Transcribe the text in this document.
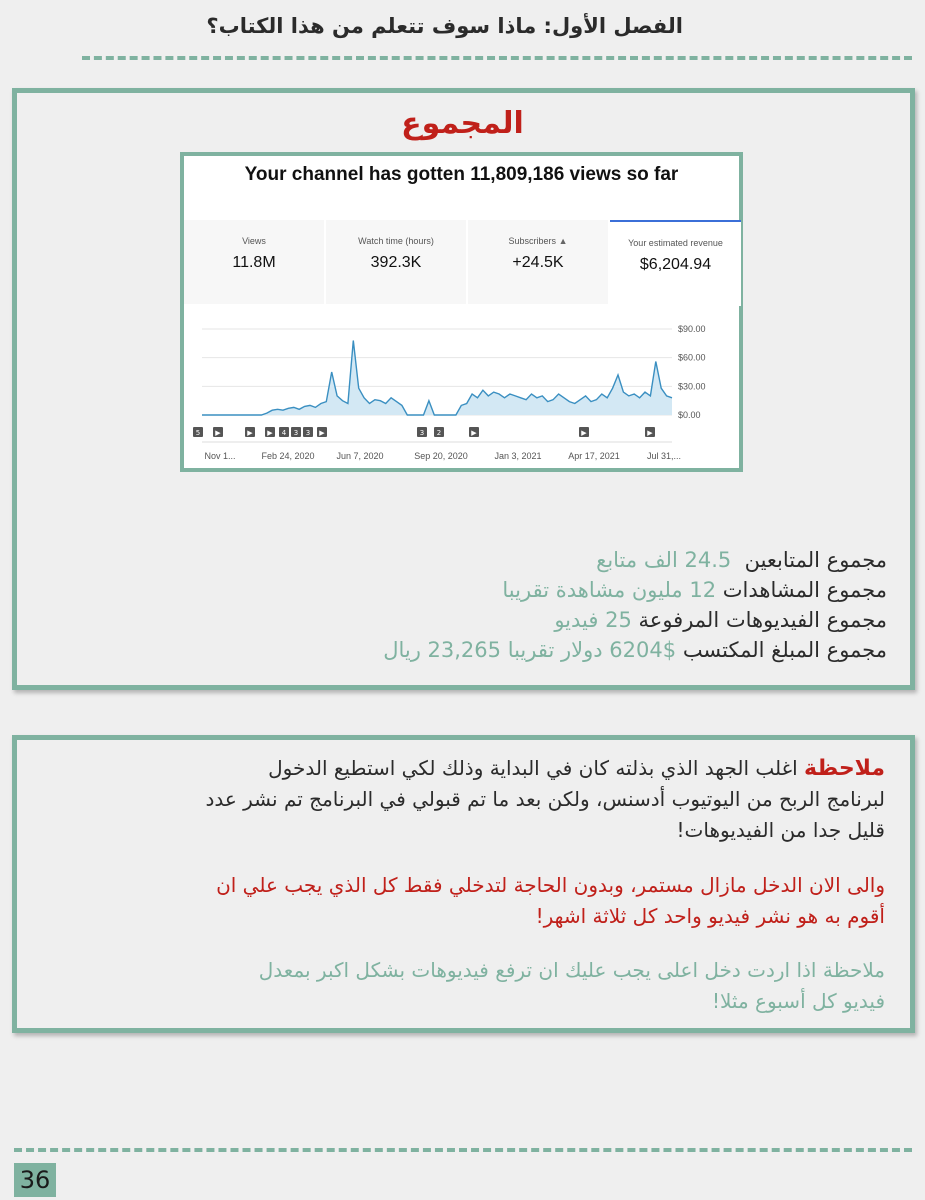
الفصل الأول: ماذا سوف تتعلم من هذا الكتاب؟
المجموع
Your channel has gotten 11,809,186 views so far
Views
11.8M
Watch time (hours)
392.3K
Subscribers ▲
+24.5K
Your estimated revenue
$6,204.94
$90.00
$60.00
$30.00
$0.00
5 ▶	▶ ▶ 4 3 3 ▶	3 2	▶	▶	▶
Nov 1...	Feb 24, 2020 Jun 7, 2020	Sep 20, 2020	Jan 3, 2021	Apr 17, 2021	Jul 31,...
مجموع المتابعين  24.5 الف متابع
مجموع المشاهدات 12 مليون مشاهدة تقريبا
مجموع الفيديوهات المرفوعة 25 فيديو
مجموع المبلغ المكتسب $6204 دولار تقريبا 23,265 ريال
ملاحظة اغلب الجهد الذي بذلته كان في البداية وذلك لكي استطيع الدخول
لبرنامج الربح من اليوتيوب أدسنس، ولكن بعد ما تم قبولي في البرنامج تم نشر عدد
قليل جدا من الفيديوهات!
والى الان الدخل مازال مستمر، وبدون الحاجة لتدخلي فقط كل الذي يجب علي ان
أقوم به هو نشر فيديو واحد كل ثلاثة اشهر!
ملاحظة اذا اردت دخل اعلى يجب عليك ان ترفع فيديوهات بشكل اكبر بمعدل
فيديو كل أسبوع مثلا!
36
